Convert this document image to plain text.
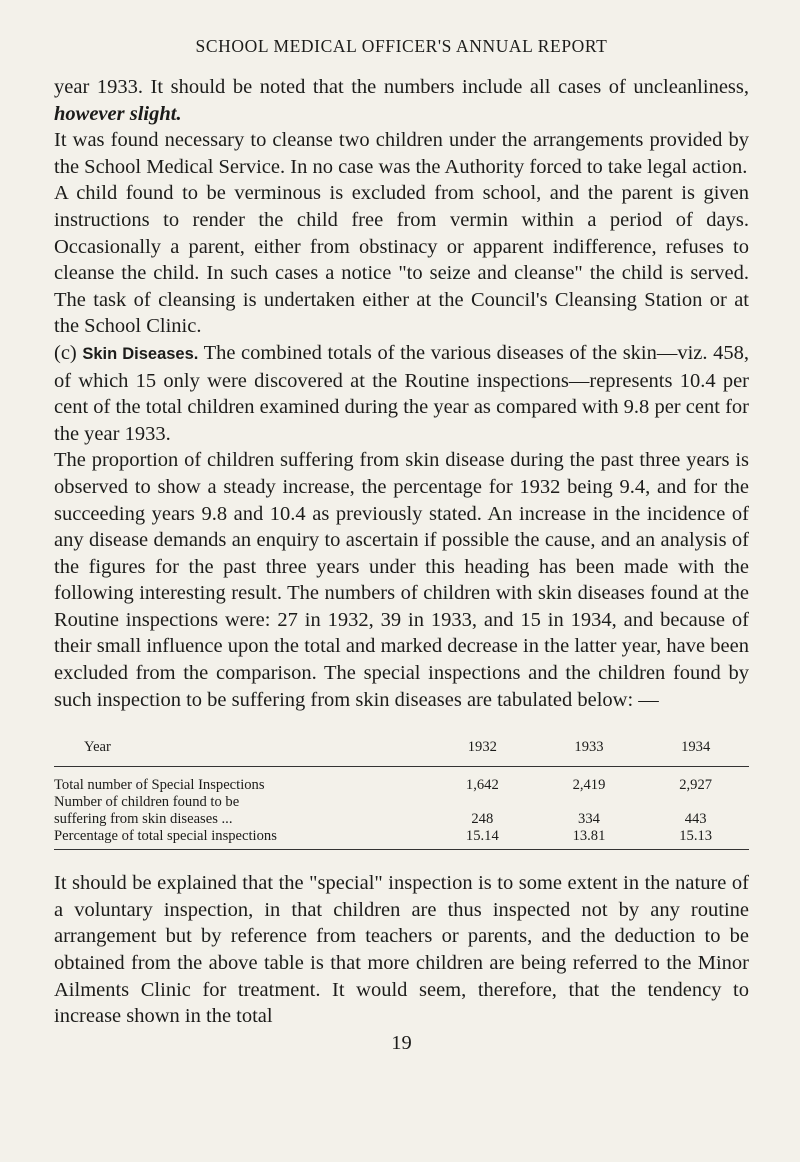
SCHOOL MEDICAL OFFICER'S ANNUAL REPORT

year 1933. It should be noted that the numbers include all cases of uncleanliness, however slight.

It was found necessary to cleanse two children under the arrangements provided by the School Medical Service. In no case was the Authority forced to take legal action.

A child found to be verminous is excluded from school, and the parent is given instructions to render the child free from vermin within a period of days. Occasionally a parent, either from obstinacy or apparent indifference, refuses to cleanse the child. In such cases a notice "to seize and cleanse" the child is served. The task of cleansing is undertaken either at the Council's Cleansing Station or at the School Clinic.

(c) Skin Diseases. The combined totals of the various diseases of the skin—viz. 458, of which 15 only were discovered at the Routine inspections—represents 10.4 per cent of the total children examined during the year as compared with 9.8 per cent for the year 1933.

The proportion of children suffering from skin disease during the past three years is observed to show a steady increase, the percentage for 1932 being 9.4, and for the succeeding years 9.8 and 10.4 as previously stated. An increase in the incidence of any disease demands an enquiry to ascertain if possible the cause, and an analysis of the figures for the past three years under this heading has been made with the following interesting result. The numbers of children with skin diseases found at the Routine inspections were: 27 in 1932, 39 in 1933, and 15 in 1934, and because of their small influence upon the total and marked decrease in the latter year, have been excluded from the comparison. The special inspections and the children found by such inspection to be suffering from skin diseases are tabulated below: —

Year	1932	1933	1934
Total number of Special Inspections	1,642	2,419	2,927
Number of children found to be			
suffering from skin diseases ...	248	334	443
Percentage of total special inspections	15.14	13.81	15.13

It should be explained that the "special" inspection is to some extent in the nature of a voluntary inspection, in that children are thus inspected not by any routine arrangement but by reference from teachers or parents, and the deduction to be obtained from the above table is that more children are being referred to the Minor Ailments Clinic for treatment. It would seem, therefore, that the tendency to increase shown in the total

19
